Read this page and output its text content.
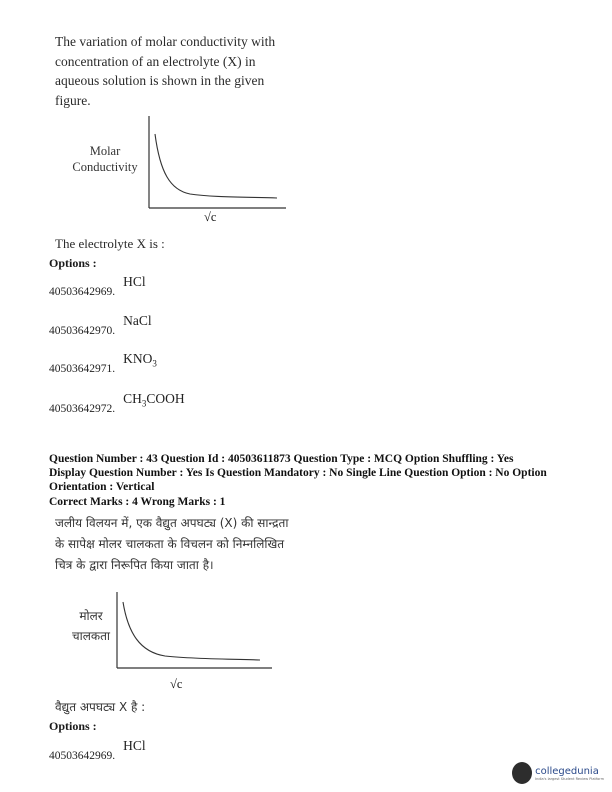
The variation of molar conductivity with
concentration of an electrolyte (X) in
aqueous solution is shown in the given
figure.
Molar
Conductivity
√c
The electrolyte X is :
Options :
$_{40503642969.}$ HCl
$_{40503642970.}$ NaCl
$_{40503642971.}$ $KNO_3$
$_{40503642972.}$ $CH_3COOH$
Question Number : 43 Question Id : 40503611873 Question Type : MCQ Option Shuffling : Yes
Display Question Number : Yes Is Question Mandatory : No Single Line Question Option : No Option
Orientation : Vertical
Correct Marks : 4 Wrong Marks : 1
जलीय विलयन में, एक वैद्युत अपघट्य (X) की सान्द्रता
के सापेक्ष मोलर चालकता के विचलन को निम्नलिखित
चित्र के द्वारा निरूपित किया जाता है।
मोलर
चालकता
√c
वैद्युत अपघट्य X है :
Options :
$_{40503642969.}$ HCl
collegedunia
India's largest Student Review Platform
